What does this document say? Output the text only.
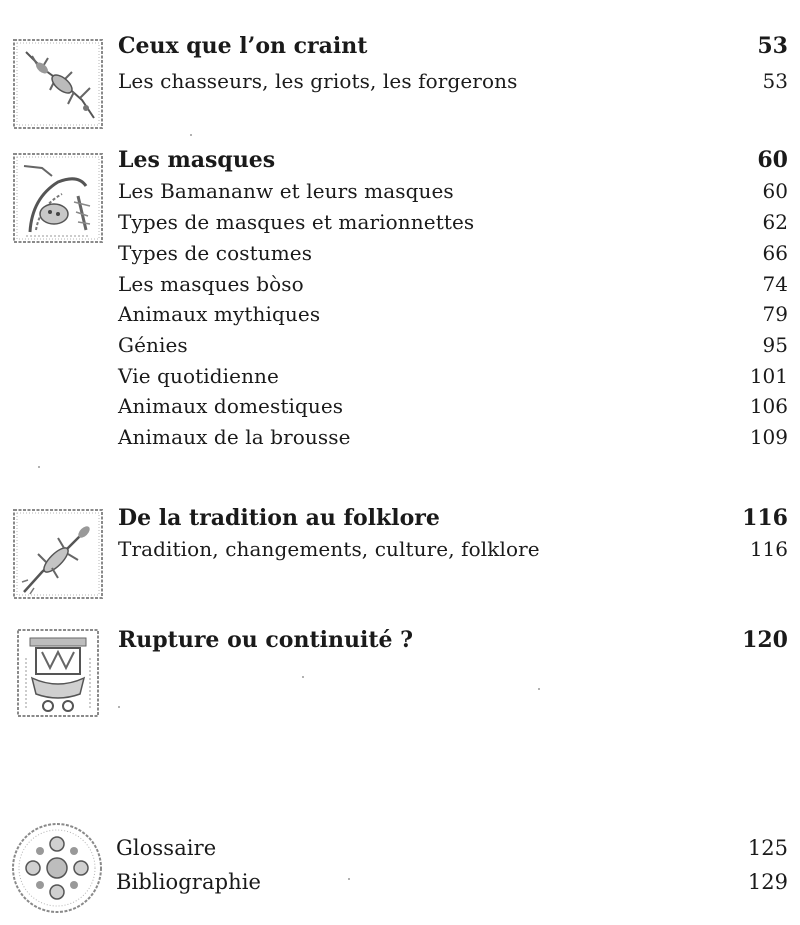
Ceux que l’on craint	53
Les chasseurs, les griots, les forgerons	53
Les masques	60
Les Bamananw et leurs masques	60
Types de masques et marionnettes	62
Types de costumes	66
Les masques bòso	74
Animaux mythiques	79
Génies	95
Vie quotidienne	101
Animaux domestiques	106
Animaux de la brousse	109
De la tradition au folklore	116
Tradition, changements, culture, folklore	116
Rupture ou continuité ?	120
Glossaire	125
Bibliographie	129
